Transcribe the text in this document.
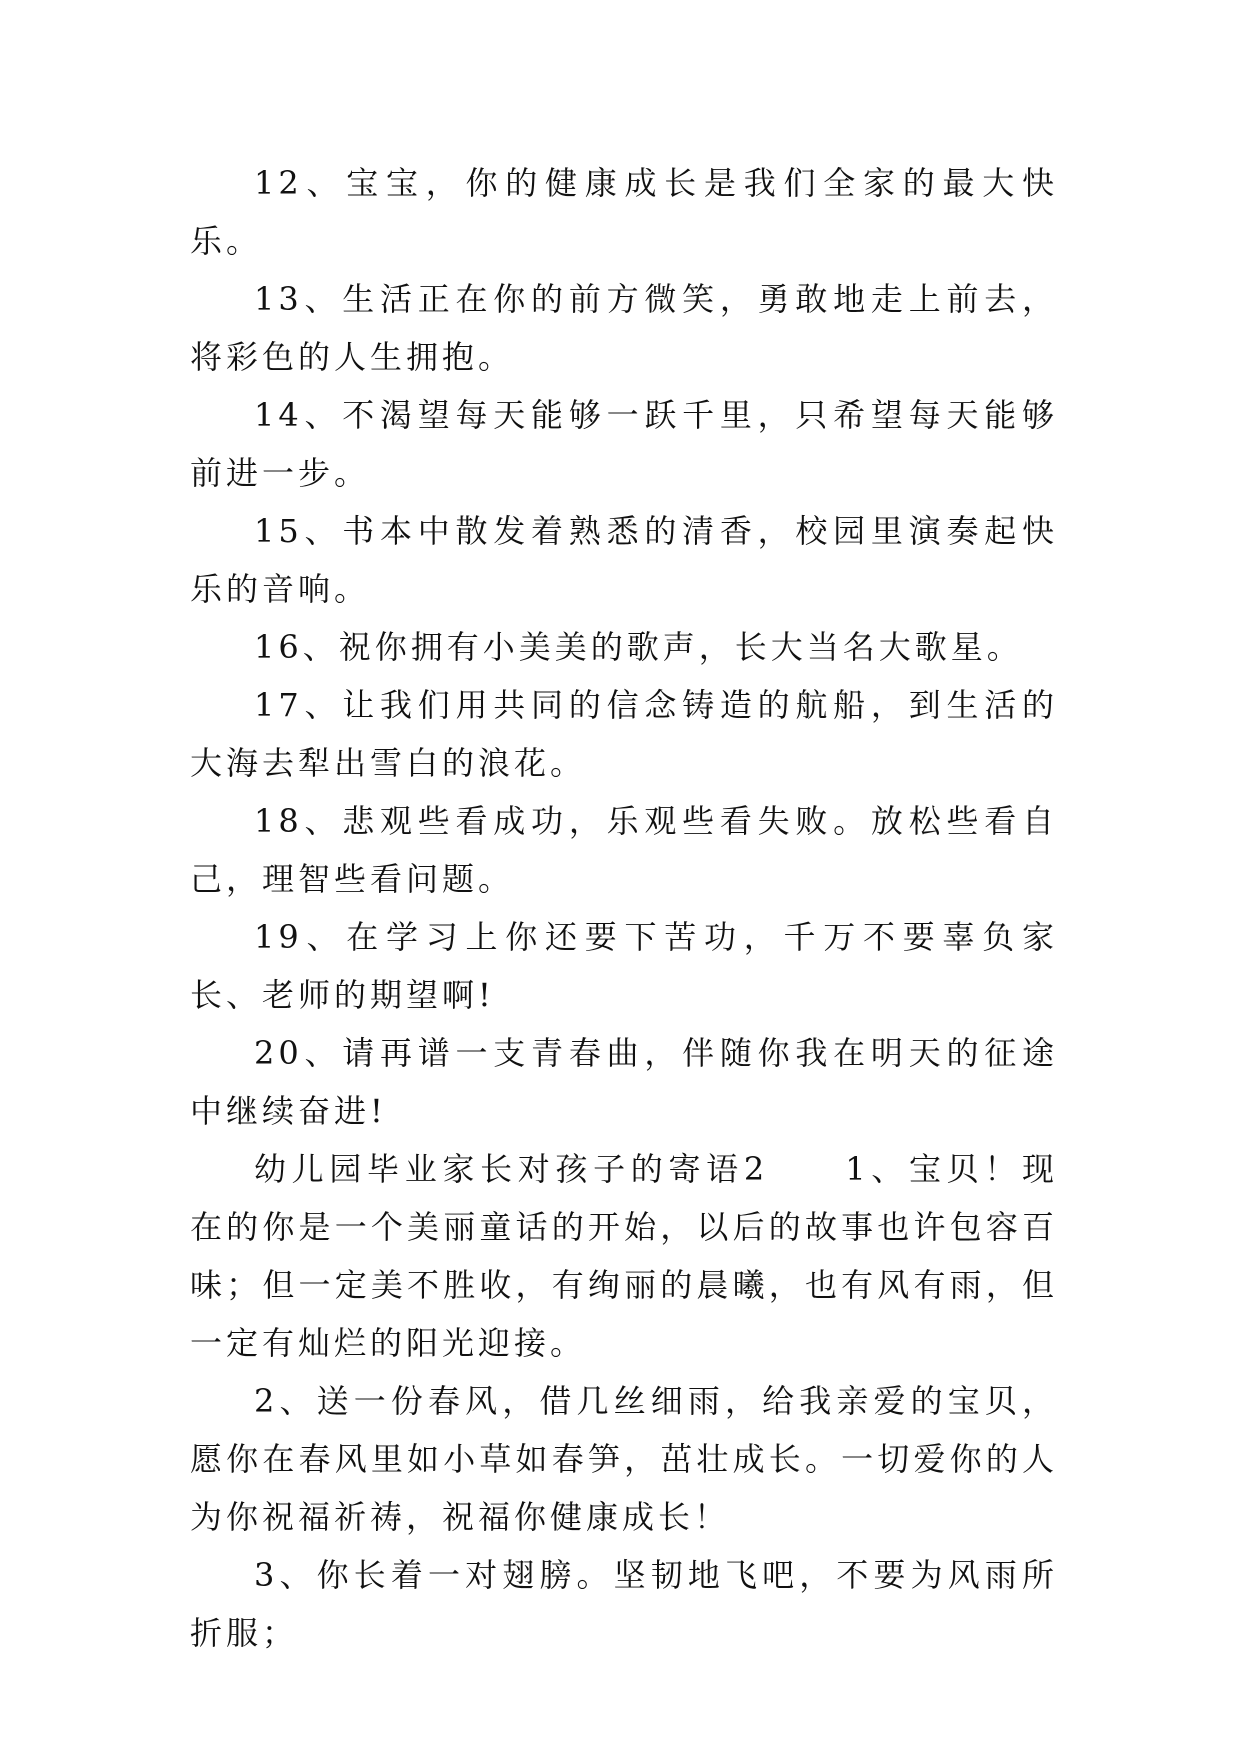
12、宝宝，你的健康成长是我们全家的最大快乐。

13、生活正在你的前方微笑，勇敢地走上前去，将彩色的人生拥抱。

14、不渴望每天能够一跃千里，只希望每天能够前进一步。

15、书本中散发着熟悉的清香，校园里演奏起快乐的音响。

16、祝你拥有小美美的歌声，长大当名大歌星。

17、让我们用共同的信念铸造的航船，到生活的大海去犁出雪白的浪花。

18、悲观些看成功，乐观些看失败。放松些看自己，理智些看问题。

19、在学习上你还要下苦功，千万不要辜负家长、老师的期望啊!

20、请再谱一支青春曲，伴随你我在明天的征途中继续奋进!

幼儿园毕业家长对孩子的寄语2　　1、宝贝！现在的你是一个美丽童话的开始，以后的故事也许包容百味；但一定美不胜收，有绚丽的晨曦，也有风有雨，但一定有灿烂的阳光迎接。

2、送一份春风，借几丝细雨，给我亲爱的宝贝，愿你在春风里如小草如春笋，茁壮成长。一切爱你的人为你祝福祈祷，祝福你健康成长！

3、你长着一对翅膀。坚韧地飞吧，不要为风雨所折服；
